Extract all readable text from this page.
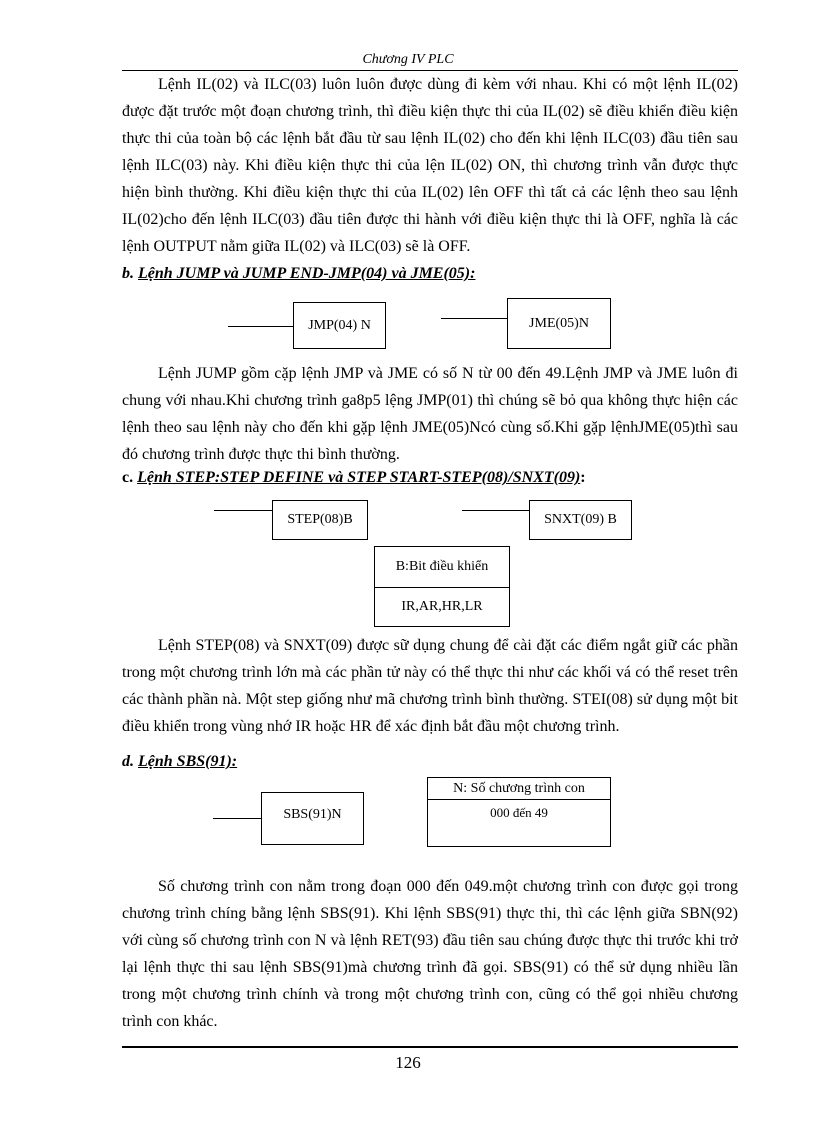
Chương IV PLC

Lệnh IL(02) và ILC(03) luôn luôn được dùng đi kèm với nhau. Khi có một lệnh IL(02) được đặt trước một đoạn chương trình, thì điều kiện thực thi của IL(02) sẽ điều khiển điều kiện thực thi của toàn bộ các lệnh bắt đầu từ sau lệnh IL(02) cho đến khi lệnh ILC(03) đầu tiên sau lệnh ILC(03) này. Khi điều kiện thực thi của lện IL(02) ON, thì chương trình vẫn được thực hiện bình thường. Khi điều kiện thực thi của IL(02) lên OFF thì tất cả các lệnh theo sau lệnh IL(02)cho đến lệnh ILC(03) đầu tiên được thi hành với điều kiện thực thi là OFF, nghĩa là các lệnh OUTPUT nằm giữa IL(02) và ILC(03) sẽ là OFF.

b. Lệnh JUMP và JUMP END-JMP(04) và JME(05):

JMP(04) N	JME(05)N

Lệnh JUMP gồm cặp lệnh JMP và JME có số N từ 00 đến 49.Lệnh JMP và JME luôn đi chung với nhau.Khi chương trình ga8p5 lệng JMP(01) thì chúng sẽ bỏ qua không thực hiện các lệnh theo sau lệnh này cho đến khi gặp lệnh JME(05)Ncó cùng số.Khi gặp lệnhJME(05)thì sau đó chương trình được thực thi bình thường.

c. Lệnh STEP:STEP DEFINE và STEP START-STEP(08)/SNXT(09):

STEP(08)B	SNXT(09) B
B:Bit điều khiển
IR,AR,HR,LR

Lệnh STEP(08) và SNXT(09) được sữ dụng chung để cài đặt các điểm ngắt giữ các phần trong một chương trình lớn mà các phần tử này có thể thực thi như các khối vá có thể reset trên các thành phần nà. Một step giống như mã chương trình bình thường. STEI(08) sử dụng một bit điều khiển trong vùng nhớ IR hoặc HR để xác định bắt đầu một chương trình.

d. Lệnh SBS(91):

SBS(91)N
N: Số chương trình con
000 đến 49

Số chương trình con nằm trong đoạn 000 đến 049.một chương trình con được gọi trong chương trình chíng bằng lệnh SBS(91). Khi lệnh SBS(91) thực thi, thì các lệnh giữa SBN(92) với cùng số chương trình con N và lệnh RET(93) đầu tiên sau chúng được thực thi trước khi trở lại lệnh thực thi sau lệnh SBS(91)mà chương trình đã gọi. SBS(91) có thể sử dụng nhiều lần trong một chương trình chính và trong một chương trình con, cũng có thể gọi nhiều chương trình con khác.

126
